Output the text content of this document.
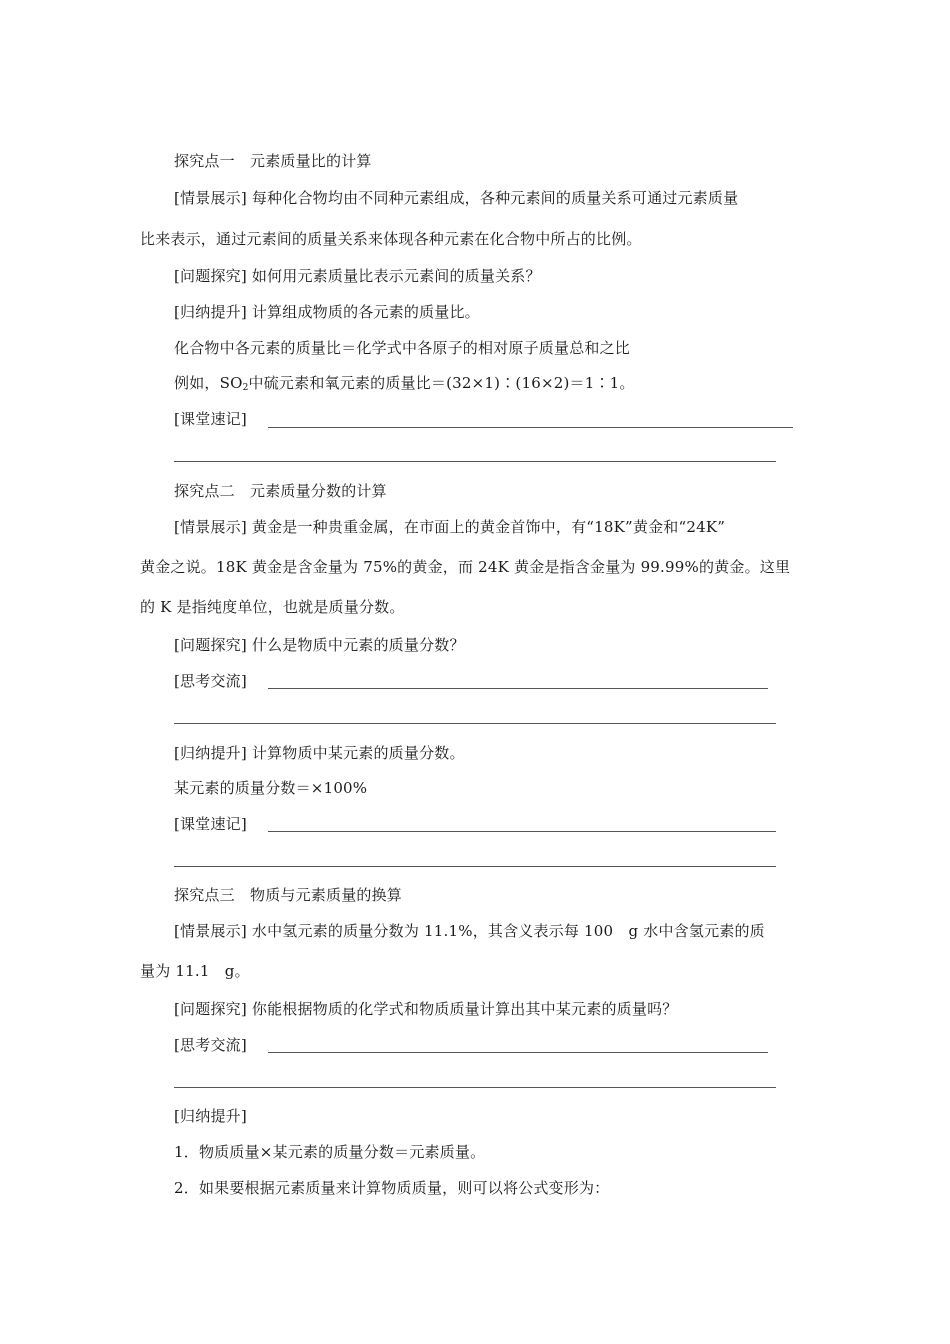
探究点一　元素质量比的计算
[情景展示] 每种化合物均由不同种元素组成，各种元素间的质量关系可通过元素质量
比来表示，通过元素间的质量关系来体现各种元素在化合物中所占的比例。
[问题探究] 如何用元素质量比表示元素间的质量关系？
[归纳提升] 计算组成物质的各元素的质量比。
化合物中各元素的质量比＝化学式中各原子的相对原子质量总和之比
例如，$SO_2$中硫元素和氧元素的质量比＝(32×1)∶(16×2)＝1∶1。
[课堂速记]
探究点二　元素质量分数的计算
[情景展示] 黄金是一种贵重金属，在市面上的黄金首饰中，有“18K”黄金和“24K”
黄金之说。18K 黄金是含金量为 75%的黄金，而 24K 黄金是指含金量为 99.99%的黄金。这里
的 K 是指纯度单位，也就是质量分数。
[问题探究] 什么是物质中元素的质量分数？
[思考交流]
[归纳提升] 计算物质中某元素的质量分数。
某元素的质量分数＝×100%
[课堂速记]
探究点三　物质与元素质量的换算
[情景展示] 水中氢元素的质量分数为 11.1%，其含义表示每 100　g 水中含氢元素的质
量为 11.1　g。
[问题探究] 你能根据物质的化学式和物质质量计算出其中某元素的质量吗？
[思考交流]
[归纳提升]
1．物质质量×某元素的质量分数＝元素质量。
2．如果要根据元素质量来计算物质质量，则可以将公式变形为：
